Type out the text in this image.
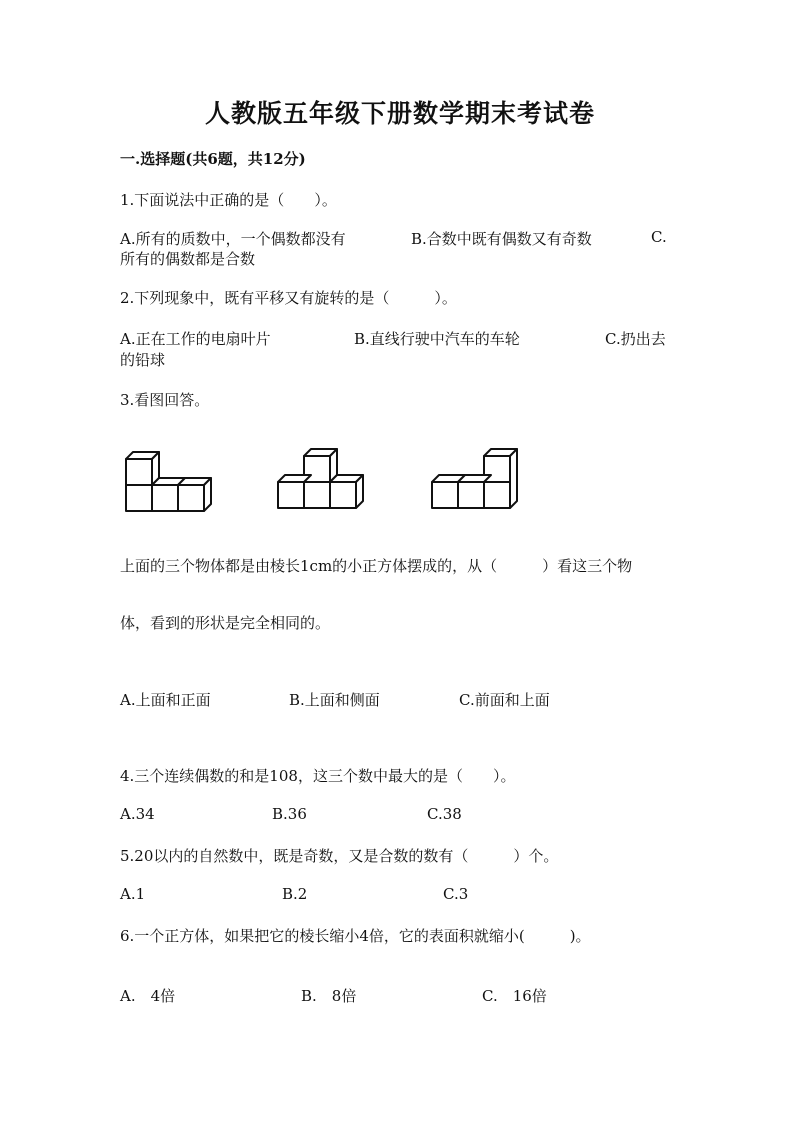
人教版五年级下册数学期末考试卷
一.选择题(共6题，共12分)
1.下面说法中正确的是（　　）。
A.所有的质数中，一个偶数都没有	B.合数中既有偶数又有奇数	C.
所有的偶数都是合数
2.下列现象中，既有平移又有旋转的是（　　　）。
A.正在工作的电扇叶片	B.直线行驶中汽车的车轮	C.扔出去
的铅球
3.看图回答。
上面的三个物体都是由棱长1cm的小正方体摆成的，从（　　　）看这三个物
体，看到的形状是完全相同的。
A.上面和正面	B.上面和侧面	C.前面和上面
4.三个连续偶数的和是108，这三个数中最大的是（　　）。
A.34	B.36	C.38
5.20以内的自然数中，既是奇数，又是合数的数有（　　　）个。
A.1	B.2	C.3
6.一个正方体，如果把它的棱长缩小4倍，它的表面积就缩小(　　　)。
A.　4倍	B.　8倍	C.　16倍
